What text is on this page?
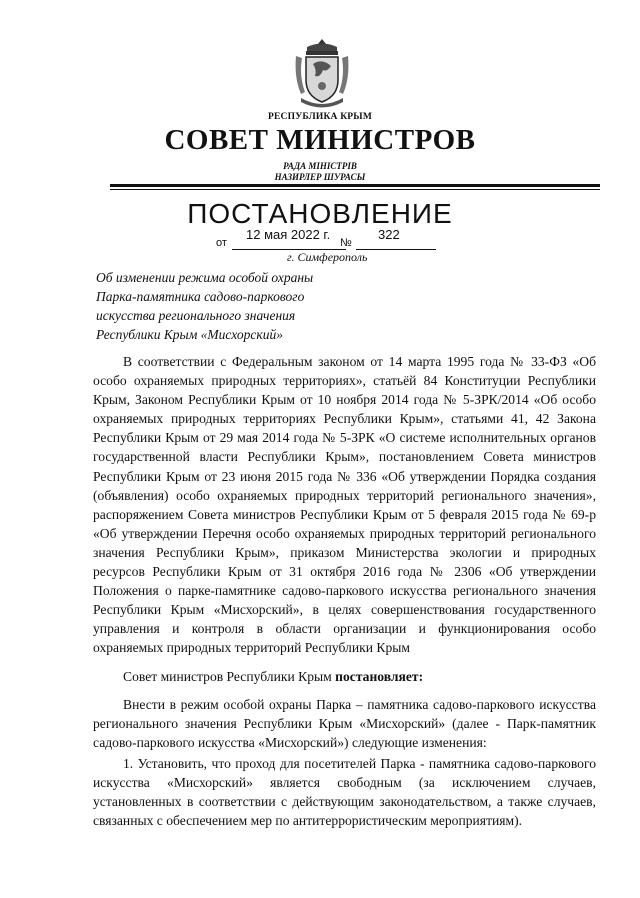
РЕСПУБЛИКА КРЫМ
СОВЕТ МИНИСТРОВ
РАДА МІНІСТРІВ
НАЗИРЛЕР ШУРАСЫ
ПОСТАНОВЛЕНИЕ
от
12 мая 2022 г.
№
322
г. Симферополь
Об изменении режима особой охраны
Парка-памятника садово-паркового
искусства регионального значения
Республики Крым «Мисхорский»

В соответствии с Федеральным законом от 14 марта 1995 года № 33-ФЗ «Об особо охраняемых природных территориях», статьёй 84 Конституции Республики Крым, Законом Республики Крым от 10 ноября 2014 года № 5-ЗРК/2014 «Об особо охраняемых природных территориях Республики Крым», статьями 41, 42 Закона Республики Крым от 29 мая 2014 года № 5-ЗРК «О системе исполнительных органов государственной власти Республики Крым», постановлением Совета министров Республики Крым от 23 июня 2015 года № 336 «Об утверждении Порядка создания (объявления) особо охраняемых природных территорий регионального значения», распоряжением Совета министров Республики Крым от 5 февраля 2015 года № 69-р «Об утверждении Перечня особо охраняемых природных территорий регионального значения Республики Крым», приказом Министерства экологии и природных ресурсов Республики Крым от 31 октября 2016 года № 2306 «Об утверждении Положения о парке-памятнике садово-паркового искусства регионального значения Республики Крым «Мисхорский», в целях совершенствования государственного управления и контроля в области организации и функционирования особо охраняемых природных территорий Республики Крым

Совет министров Республики Крым постановляет:

Внести в режим особой охраны Парка – памятника садово-паркового искусства регионального значения Республики Крым «Мисхорский» (далее - Парк-памятник садово-паркового искусства «Мисхорский») следующие изменения:

1. Установить, что проход для посетителей Парка - памятника садово-паркового искусства «Мисхорский» является свободным (за исключением случаев, установленных в соответствии с действующим законодательством, а также случаев, связанных с обеспечением мер по антитеррористическим мероприятиям).
